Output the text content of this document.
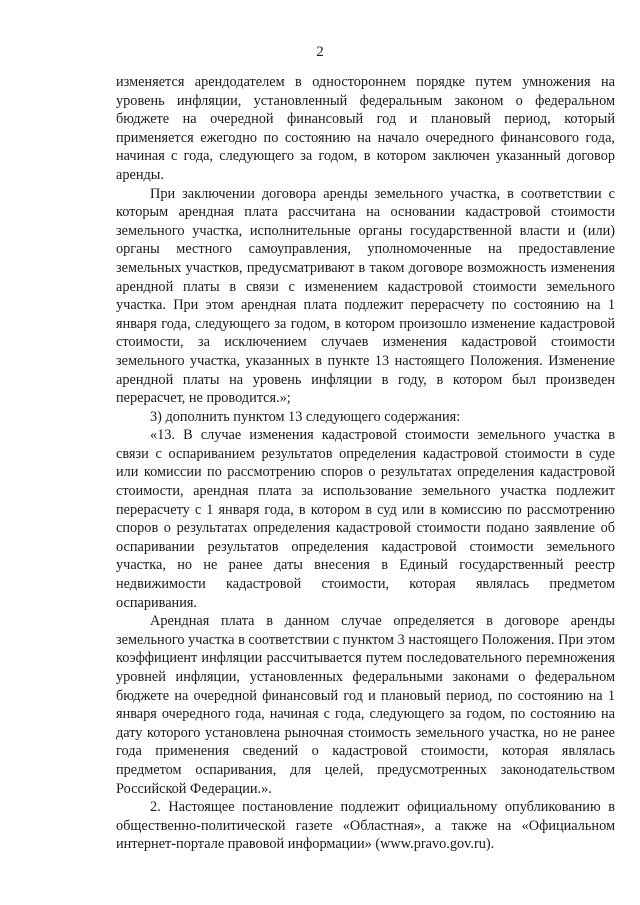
2

изменяется арендодателем в одностороннем порядке путем умножения на уровень инфляции, установленный федеральным законом о федеральном бюджете на очередной финансовый год и плановый период, который применяется ежегодно по состоянию на начало очередного финансового года, начиная с года, следующего за годом, в котором заключен указанный договор аренды.

При заключении договора аренды земельного участка, в соответствии с которым арендная плата рассчитана на основании кадастровой стоимости земельного участка, исполнительные органы государственной власти и (или) органы местного самоуправления, уполномоченные на предоставление земельных участков, предусматривают в таком договоре возможность изменения арендной платы в связи с изменением кадастровой стоимости земельного участка. При этом арендная плата подлежит перерасчету по состоянию на 1 января года, следующего за годом, в котором произошло изменение кадастровой стоимости, за исключением случаев изменения кадастровой стоимости земельного участка, указанных в пункте 13 настоящего Положения. Изменение арендной платы на уровень инфляции в году, в котором был произведен перерасчет, не проводится.»;

3) дополнить пунктом 13 следующего содержания:

«13. В случае изменения кадастровой стоимости земельного участка в связи с оспариванием результатов определения кадастровой стоимости в суде или комиссии по рассмотрению споров о результатах определения кадастровой стоимости, арендная плата за использование земельного участка подлежит перерасчету с 1 января года, в котором в суд или в комиссию по рассмотрению споров о результатах определения кадастровой стоимости подано заявление об оспаривании результатов определения кадастровой стоимости земельного участка, но не ранее даты внесения в Единый государственный реестр недвижимости кадастровой стоимости, которая являлась предметом оспаривания.

Арендная плата в данном случае определяется в договоре аренды земельного участка в соответствии с пунктом 3 настоящего Положения. При этом коэффициент инфляции рассчитывается путем последовательного перемножения уровней инфляции, установленных федеральными законами о федеральном бюджете на очередной финансовый год и плановый период, по состоянию на 1 января очередного года, начиная с года, следующего за годом, по состоянию на дату которого установлена рыночная стоимость земельного участка, но не ранее года применения сведений о кадастровой стоимости, которая являлась предметом оспаривания, для целей, предусмотренных законодательством Российской Федерации.».

2. Настоящее постановление подлежит официальному опубликованию в общественно-политической газете «Областная», а также на «Официальном интернет-портале правовой информации» (www.pravo.gov.ru).
